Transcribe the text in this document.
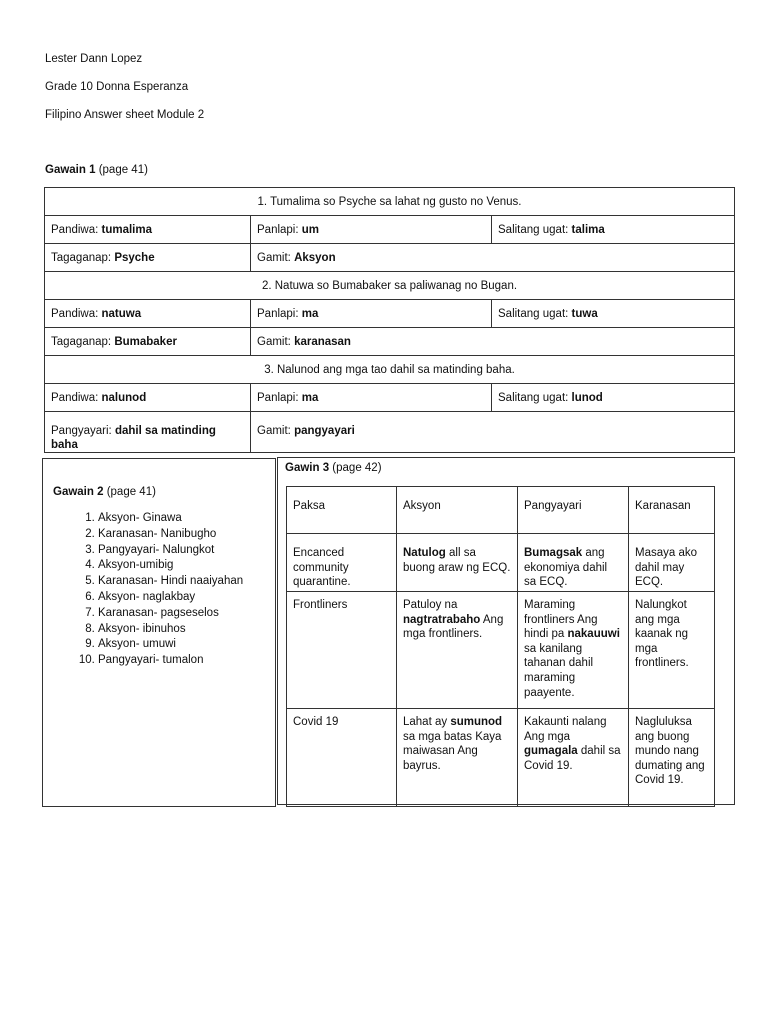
Lester Dann Lopez
Grade 10 Donna Esperanza
Filipino Answer sheet Module 2
Gawain 1 (page 41)
1. Tumalima so Psyche sa lahat ng gusto no Venus.		
Pandiwa: tumalima	Panlapi: um	Salitang ugat: talima
Tagaganap: Psyche	Gamit: Aksyon	
2. Natuwa so Bumabaker sa paliwanag no Bugan.		
Pandiwa: natuwa	Panlapi: ma	Salitang ugat: tuwa
Tagaganap: Bumabaker	Gamit: karanasan	
3. Nalunod ang mga tao dahil sa matinding baha.		
Pandiwa: nalunod	Panlapi: ma	Salitang ugat: lunod
Pangyayari: dahil sa matinding baha	Gamit: pangyayari	
Gawain 2 (page 41)
1. Aksyon- Ginawa
2. Karanasan- Nanibugho
3. Pangyayari- Nalungkot
4. Aksyon-umibig
5. Karanasan- Hindi naaiyahan
6. Aksyon- naglakbay
7. Karanasan- pagseselos
8. Aksyon- ibinuhos
9. Aksyon- umuwi
10. Pangyayari- tumalon
Gawin 3 (page 42)
Paksa	Aksyon	Pangyayari	Karanasan
Encanced community quarantine.	Natulog all sa buong araw ng ECQ.	Bumagsak ang ekonomiya dahil sa ECQ.	Masaya ako dahil may ECQ.
Frontliners	Patuloy na nagtratrabaho Ang mga frontliners.	Maraming frontliners Ang hindi pa nakauuwi sa kanilang tahanan dahil maraming paayente.	Nalungkot ang mga kaanak ng mga frontliners.
Covid 19	Lahat ay sumunod sa mga batas Kaya maiwasan Ang bayrus.	Kakaunti nalang Ang mga gumagala dahil sa Covid 19.	Nagluluksa ang buong mundo nang dumating ang Covid 19.
